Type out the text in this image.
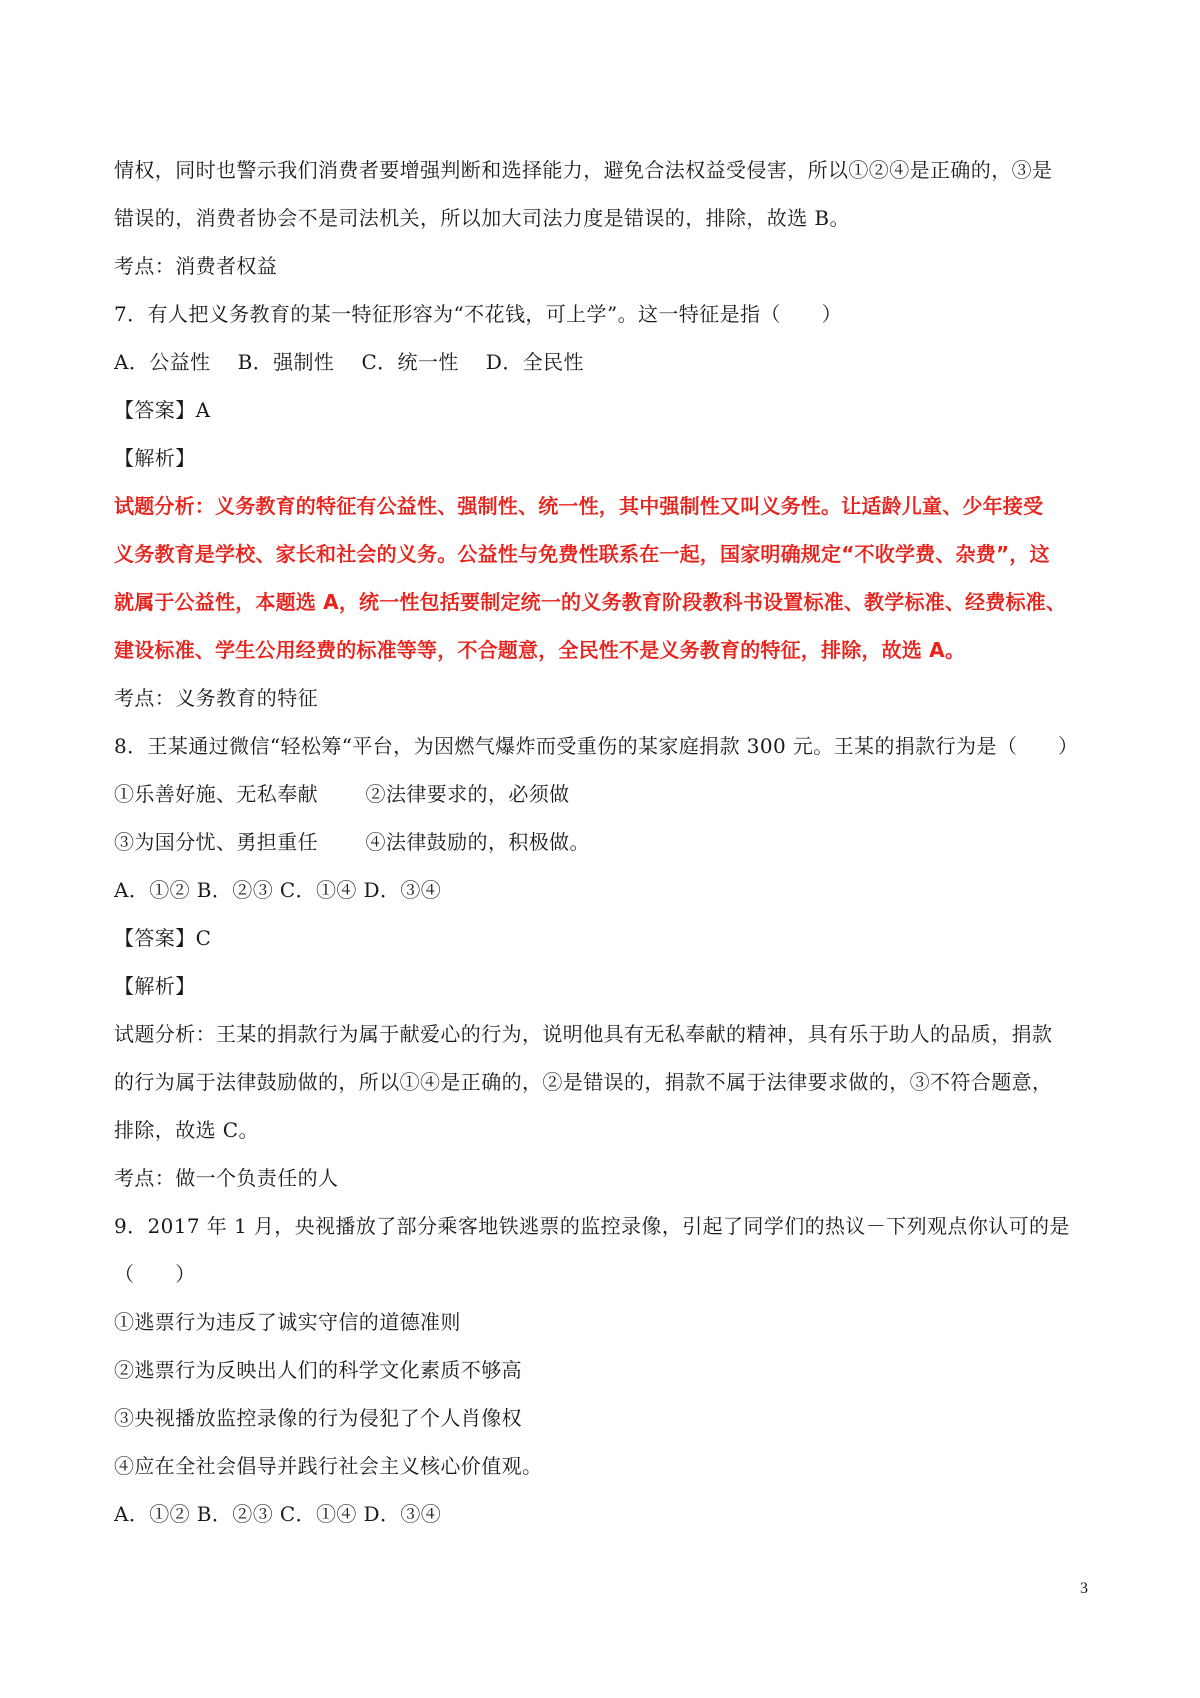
情权，同时也警示我们消费者要增强判断和选择能力，避免合法权益受侵害，所以①②④是正确的，③是
错误的，消费者协会不是司法机关，所以加大司法力度是错误的，排除，故选 B。
考点：消费者权益
7．有人把义务教育的某一特征形容为“不花钱，可上学”。这一特征是指（　　）
A．公益性　 B．强制性　 C．统一性　 D．全民性
【答案】A
【解析】
试题分析：义务教育的特征有公益性、强制性、统一性，其中强制性又叫义务性。让适龄儿童、少年接受
义务教育是学校、家长和社会的义务。公益性与免费性联系在一起，国家明确规定“不收学费、杂费”，这
就属于公益性，本题选 A，统一性包括要制定统一的义务教育阶段教科书设置标准、教学标准、经费标准、
建设标准、学生公用经费的标准等等，不合题意，全民性不是义务教育的特征，排除，故选 A。
考点：义务教育的特征
8．王某通过微信“轻松筹“平台，为因燃气爆炸而受重伤的某家庭捐款 300 元。王某的捐款行为是（　　）
①乐善好施、无私奉献　　 ②法律要求的，必须做
③为国分忧、勇担重任　　 ④法律鼓励的，积极做。
A．①② B．②③ C．①④ D．③④
【答案】C
【解析】
试题分析：王某的捐款行为属于献爱心的行为，说明他具有无私奉献的精神，具有乐于助人的品质，捐款
的行为属于法律鼓励做的，所以①④是正确的，②是错误的，捐款不属于法律要求做的，③不符合题意，
排除，故选 C。
考点：做一个负责任的人
9．2017 年 1 月，央视播放了部分乘客地铁逃票的监控录像，引起了同学们的热议－下列观点你认可的是
（　　）
①逃票行为违反了诚实守信的道德准则
②逃票行为反映出人们的科学文化素质不够高
③央视播放监控录像的行为侵犯了个人肖像权
④应在全社会倡导并践行社会主义核心价值观。
A．①② B．②③ C．①④ D．③④
3
